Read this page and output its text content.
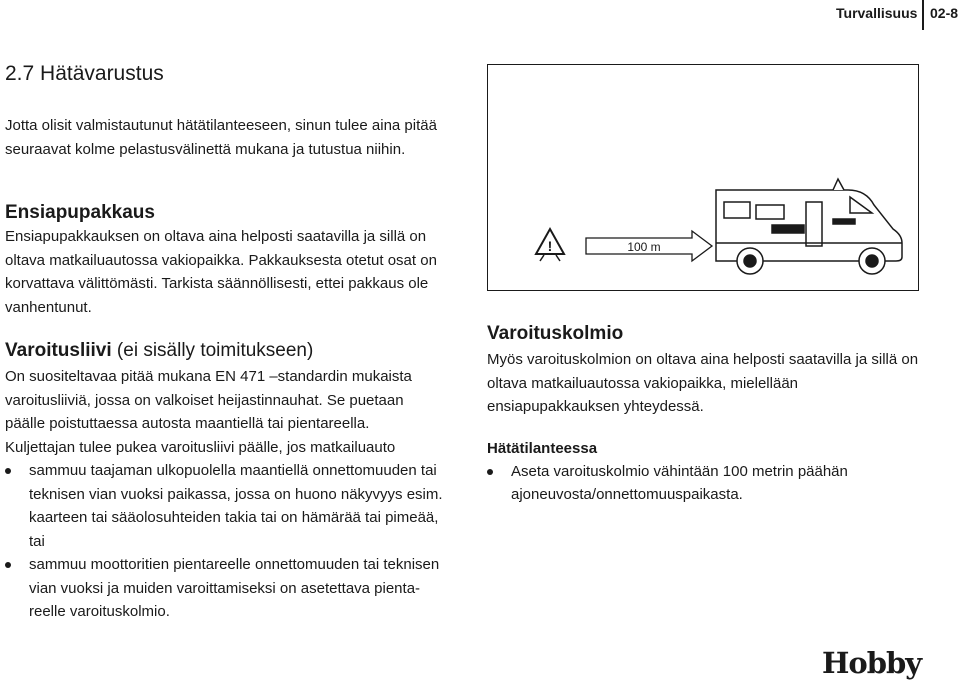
Turvallisuus 02-8
2.7 Hätävarustus

Jotta olisit valmistautunut hätätilanteeseen, sinun tulee aina pitää seuraavat kolme pelastusvälinettä mukana ja tutustua niihin.

Ensiapupakkaus

Ensiapupakkauksen on oltava aina helposti saatavilla ja sillä on oltava matkailuautossa vakiopaikka. Pakkauksesta otetut osat on korvattava välittömästi. Tarkista säännöllisesti, ettei pakkaus ole vanhentunut.

Varoitusliivi (ei sisälly toimitukseen)

On suositeltavaa pitää mukana EN 471 –standardin mukaista varoitusliiviä, jossa on valkoiset heijastinnauhat. Se puetaan päälle poistuttaessa autosta maantiellä tai pientareella. Kuljettajan tulee pukea varoitusliivi päälle, jos matkailuauto

sammuu taajaman ulkopuolella maantiellä onnettomuuden tai teknisen vian vuoksi paikassa, jossa on huono näkyvyys esim. kaarteen tai sääolosuhteiden takia tai on hämärää tai pimeää, tai
sammuu moottoritien pientareelle onnettomuuden tai teknisen vian vuoksi ja muiden varoittamiseksi on asetettava pienta-reelle varoituskolmio.
!	100 m
Varoituskolmio

Myös varoituskolmion on oltava aina helposti saatavilla ja sillä on oltava matkailuautossa vakiopaikka, mielellään ensiapupakkauksen yhteydessä.

Hätätilanteessa
Aseta varoituskolmio vähintään 100 metrin päähän ajoneuvosta/onnettomuuspaikasta.
Hobby
